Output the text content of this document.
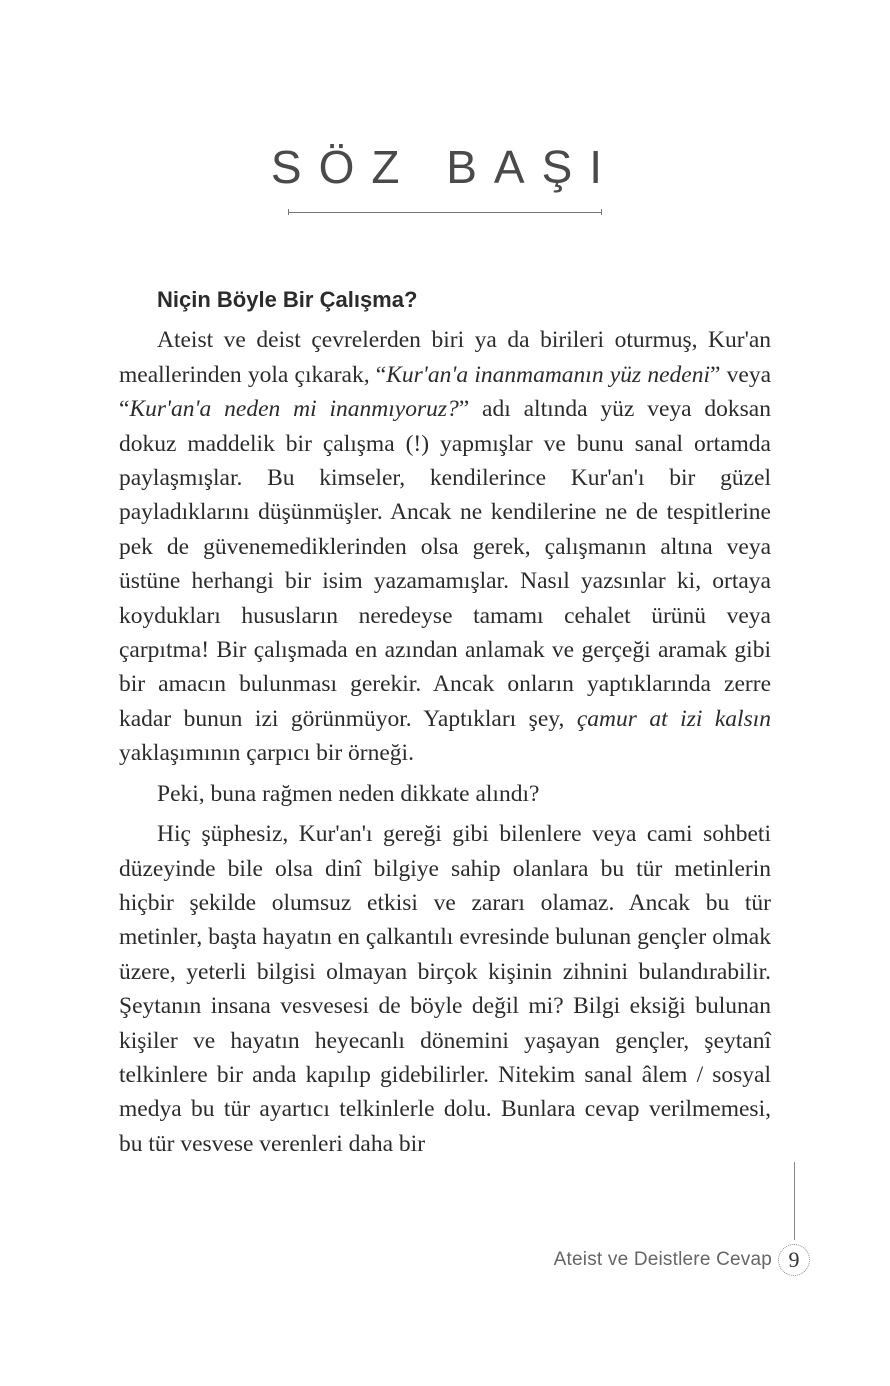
SÖZ BAŞI

Niçin Böyle Bir Çalışma?

Ateist ve deist çevrelerden biri ya da birileri oturmuş, Kur'an meallerinden yola çıkarak, “Kur'an'a inanmamanın yüz nedeni” veya “Kur'an'a neden mi inanmıyoruz?” adı altında yüz veya doksan dokuz maddelik bir çalışma (!) yapmışlar ve bunu sanal ortamda paylaşmışlar. Bu kimseler, kendilerince Kur'an'ı bir güzel payladıklarını düşünmüşler. Ancak ne kendilerine ne de tespitlerine pek de güvenemediklerinden olsa gerek, çalışmanın altına veya üstüne herhangi bir isim yazamamışlar. Nasıl yazsınlar ki, ortaya koydukları hususların neredeyse tamamı cehalet ürünü veya çarpıtma! Bir çalışmada en azından anlamak ve gerçeği aramak gibi bir amacın bulunması gerekir. Ancak onların yaptıklarında zerre kadar bunun izi görünmüyor. Yaptıkları şey, çamur at izi kalsın yaklaşımının çarpıcı bir örneği.

Peki, buna rağmen neden dikkate alındı?

Hiç şüphesiz, Kur'an'ı gereği gibi bilenlere veya cami sohbeti düzeyinde bile olsa dinî bilgiye sahip olanlara bu tür metinlerin hiçbir şekilde olumsuz etkisi ve zararı olamaz. Ancak bu tür metinler, başta hayatın en çalkantılı evresinde bulunan gençler olmak üzere, yeterli bilgisi olmayan birçok kişinin zihnini bulandırabilir. Şeytanın insana vesvesesi de böyle değil mi? Bilgi eksiği bulunan kişiler ve hayatın heyecanlı dönemini yaşayan gençler, şeytanî telkinlere bir anda kapılıp gidebilirler. Nitekim sanal âlem / sosyal medya bu tür ayartıcı telkinlerle dolu. Bunlara cevap verilmemesi, bu tür vesvese verenleri daha bir

Ateist ve Deistlere Cevap 9
